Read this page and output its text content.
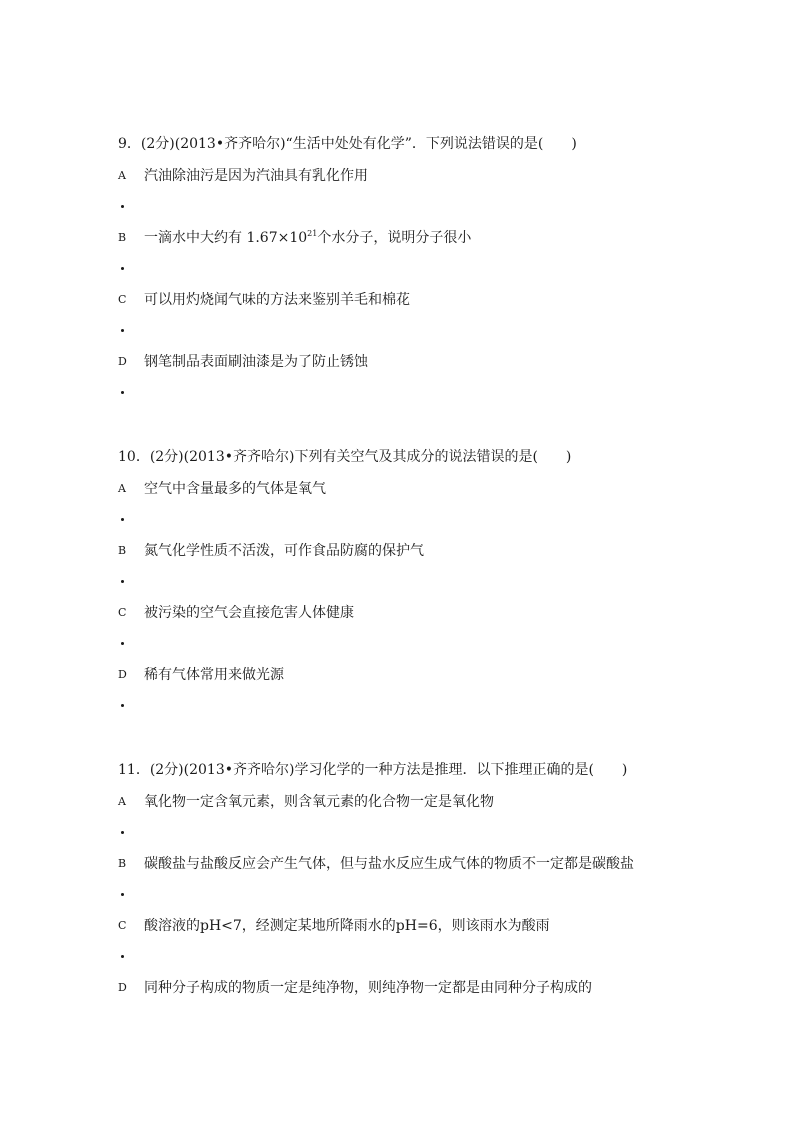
9．(2分)(2013•齐齐哈尔)“生活中处处有化学”．下列说法错误的是(　　)
A	汽油除油污是因为汽油具有乳化作用
B	一滴水中大约有 $1.67\times 10^{21}$个水分子，说明分子很小
C	可以用灼烧闻气味的方法来鉴别羊毛和棉花
D	钢笔制品表面刷油漆是为了防止锈蚀
10．(2分)(2013•齐齐哈尔)下列有关空气及其成分的说法错误的是(　　)
A	空气中含量最多的气体是氧气
B	氮气化学性质不活泼，可作食品防腐的保护气
C	被污染的空气会直接危害人体健康
D	稀有气体常用来做光源
11．(2分)(2013•齐齐哈尔)学习化学的一种方法是推理．以下推理正确的是(　　)
A	氧化物一定含氧元素，则含氧元素的化合物一定是氧化物
B	碳酸盐与盐酸反应会产生气体，但与盐水反应生成气体的物质不一定都是碳酸盐
C	酸溶液的pH<7，经测定某地所降雨水的pH=6，则该雨水为酸雨
D	同种分子构成的物质一定是纯净物，则纯净物一定都是由同种分子构成的
